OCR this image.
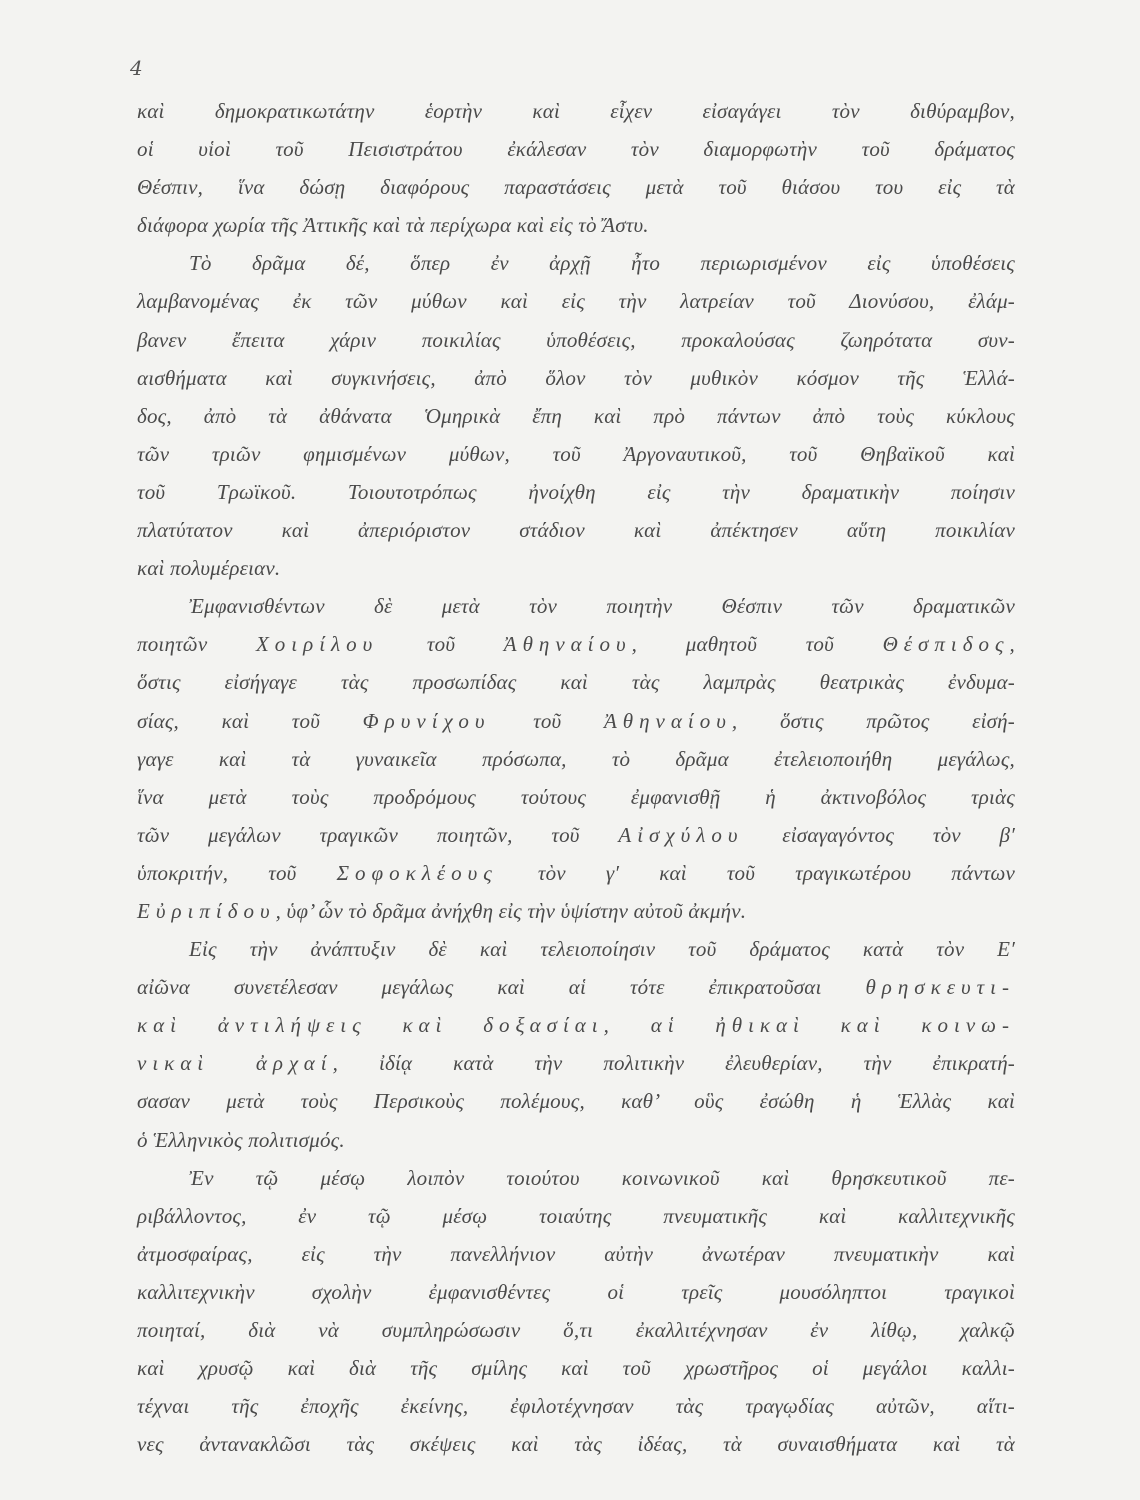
4
καὶ δημοκρατικωτάτην ἑορτὴν καὶ εἶχεν εἰσαγάγει τὸν διθύραμβον,
οἱ υἱοὶ τοῦ Πεισιστράτου ἐκάλεσαν τὸν διαμορφωτὴν τοῦ δράματος
Θέσπιν, ἵνα δώσῃ διαφόρους παραστάσεις μετὰ τοῦ θιάσου του εἰς τὰ
διάφορα χωρία τῆς Ἀττικῆς καὶ τὰ περίχωρα καὶ εἰς τὸ Ἄστυ.
Τὸ δρᾶμα δέ, ὅπερ ἐν ἀρχῇ ἦτο περιωρισμένον εἰς ὑποθέσεις
λαμβανομένας ἐκ τῶν μύθων καὶ εἰς τὴν λατρείαν τοῦ Διονύσου, ἐλάμ-
βανεν ἔπειτα χάριν ποικιλίας ὑποθέσεις, προκαλούσας ζωηρότατα συν-
αισθήματα καὶ συγκινήσεις, ἀπὸ ὅλον τὸν μυθικὸν κόσμον τῆς Ἑλλά-
δος, ἀπὸ τὰ ἀθάνατα Ὁμηρικὰ ἔπη καὶ πρὸ πάντων ἀπὸ τοὺς κύκλους
τῶν τριῶν φημισμένων μύθων, τοῦ Ἀργοναυτικοῦ, τοῦ Θηβαϊκοῦ καὶ
τοῦ Τρωϊκοῦ. Τοιουτοτρόπως ἠνοίχθη εἰς τὴν δραματικὴν ποίησιν
πλατύτατον καὶ ἀπεριόριστον στάδιον καὶ ἀπέκτησεν αὕτη ποικιλίαν
καὶ πολυμέρειαν.
Ἐμφανισθέντων δὲ μετὰ τὸν ποιητὴν Θέσπιν τῶν δραματικῶν
ποιητῶν Χοιρίλου τοῦ Ἀθηναίου, μαθητοῦ τοῦ Θέσπιδος,
ὅστις εἰσήγαγε τὰς προσωπίδας καὶ τὰς λαμπρὰς θεατρικὰς ἐνδυμα-
σίας, καὶ τοῦ Φρυνίχου τοῦ Ἀθηναίου, ὅστις πρῶτος εἰσή-
γαγε καὶ τὰ γυναικεῖα πρόσωπα, τὸ δρᾶμα ἐτελειοποιήθη μεγάλως,
ἵνα μετὰ τοὺς προδρόμους τούτους ἐμφανισθῇ ἡ ἀκτινοβόλος τριὰς
τῶν μεγάλων τραγικῶν ποιητῶν, τοῦ Αἰσχύλου εἰσαγαγόντος τὸν β′
ὑποκριτήν, τοῦ Σοφοκλέους τὸν γ′ καὶ τοῦ τραγικωτέρου πάντων
Εὐριπίδου, ὑφ’ ὧν τὸ δρᾶμα ἀνήχθη εἰς τὴν ὑψίστην αὐτοῦ ἀκμήν.
Εἰς τὴν ἀνάπτυξιν δὲ καὶ τελειοποίησιν τοῦ δράματος κατὰ τὸν Ε′
αἰῶνα συνετέλεσαν μεγάλως καὶ αἱ τότε ἐπικρατοῦσαι θρησκευτι-
καὶ ἀντιλήψεις καὶ δοξασίαι, αἱ ἠθικαὶ καὶ κοινω-
νικαὶ ἀρχαί, ἰδίᾳ κατὰ τὴν πολιτικὴν ἐλευθερίαν, τὴν ἐπικρατή-
σασαν μετὰ τοὺς Περσικοὺς πολέμους, καθ’ οὓς ἐσώθη ἡ Ἑλλὰς καὶ
ὁ Ἑλληνικὸς πολιτισμός.
Ἐν τῷ μέσῳ λοιπὸν τοιούτου κοινωνικοῦ καὶ θρησκευτικοῦ πε-
ριβάλλοντος, ἐν τῷ μέσῳ τοιαύτης πνευματικῆς καὶ καλλιτεχνικῆς
ἀτμοσφαίρας, εἰς τὴν πανελλήνιον αὐτὴν ἀνωτέραν πνευματικὴν καὶ
καλλιτεχνικὴν σχολὴν ἐμφανισθέντες οἱ τρεῖς μουσόληπτοι τραγικοὶ
ποιηταί, διὰ νὰ συμπληρώσωσιν ὅ,τι ἐκαλλιτέχνησαν ἐν λίθῳ, χαλκῷ
καὶ χρυσῷ καὶ διὰ τῆς σμίλης καὶ τοῦ χρωστῆρος οἱ μεγάλοι καλλι-
τέχναι τῆς ἐποχῆς ἐκείνης, ἐφιλοτέχνησαν τὰς τραγῳδίας αὐτῶν, αἵτι-
νες ἀντανακλῶσι τὰς σκέψεις καὶ τὰς ἰδέας, τὰ συναισθήματα καὶ τὰ
